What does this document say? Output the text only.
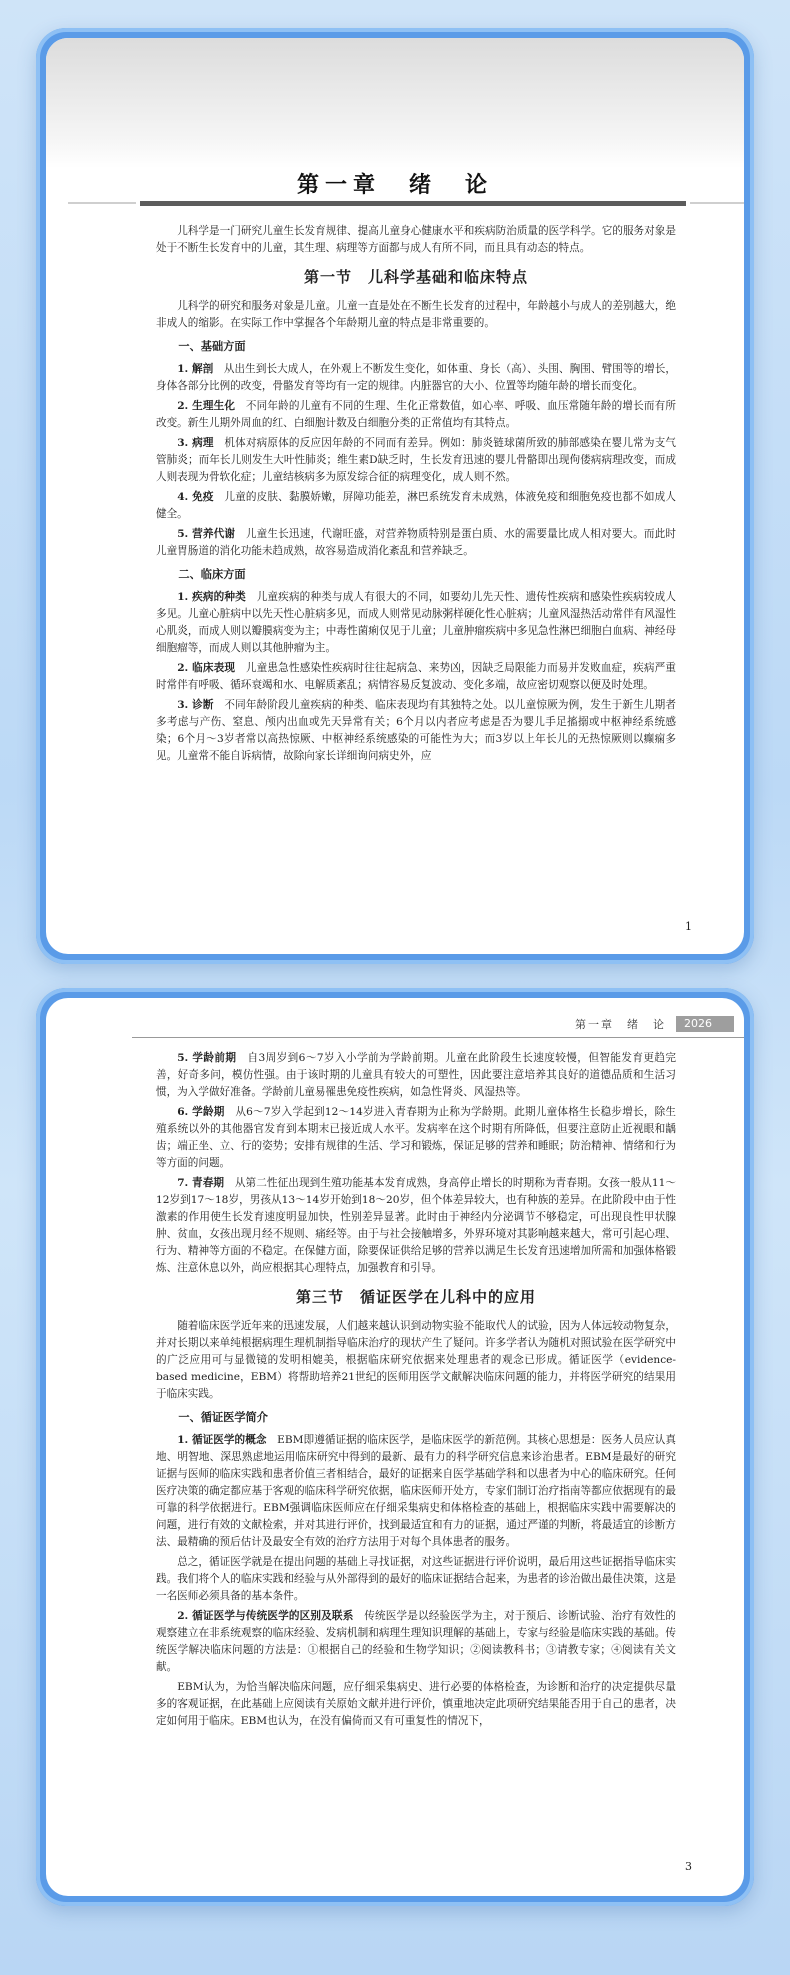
第一章　绪　论

儿科学是一门研究儿童生长发育规律、提高儿童身心健康水平和疾病防治质量的医学科学。它的服务对象是处于不断生长发育中的儿童，其生理、病理等方面都与成人有所不同，而且具有动态的特点。

第一节　儿科学基础和临床特点

儿科学的研究和服务对象是儿童。儿童一直是处在不断生长发育的过程中，年龄越小与成人的差别越大，绝非成人的缩影。在实际工作中掌握各个年龄期儿童的特点是非常重要的。

一、基础方面

1. 解剖　 从出生到长大成人，在外观上不断发生变化，如体重、身长（高）、头围、胸围、臂围等的增长，身体各部分比例的改变，骨骼发育等均有一定的规律。内脏器官的大小、位置等均随年龄的增长而变化。

2. 生理生化　 不同年龄的儿童有不同的生理、生化正常数值，如心率、呼吸、血压常随年龄的增长而有所改变。新生儿期外周血的红、白细胞计数及白细胞分类的正常值均有其特点。

3. 病理　 机体对病原体的反应因年龄的不同而有差异。例如：肺炎链球菌所致的肺部感染在婴儿常为支气管肺炎；而年长儿则发生大叶性肺炎；维生素D缺乏时，生长发育迅速的婴儿骨骼即出现佝偻病病理改变，而成人则表现为骨软化症；儿童结核病多为原发综合征的病理变化，成人则不然。

4. 免疫　 儿童的皮肤、黏膜娇嫩，屏障功能差，淋巴系统发育未成熟，体液免疫和细胞免疫也都不如成人健全。

5. 营养代谢　 儿童生长迅速，代谢旺盛，对营养物质特别是蛋白质、水的需要量比成人相对要大。而此时儿童胃肠道的消化功能未趋成熟，故容易造成消化紊乱和营养缺乏。

二、临床方面

1. 疾病的种类　 儿童疾病的种类与成人有很大的不同，如要幼儿先天性、遗传性疾病和感染性疾病较成人多见。儿童心脏病中以先天性心脏病多见，而成人则常见动脉粥样硬化性心脏病；儿童风湿热活动常伴有风湿性心肌炎，而成人则以瓣膜病变为主；中毒性菌痢仅见于儿童；儿童肿瘤疾病中多见急性淋巴细胞白血病、神经母细胞瘤等，而成人则以其他肿瘤为主。

2. 临床表现　 儿童患急性感染性疾病时往往起病急、来势凶，因缺乏局限能力而易并发败血症，疾病严重时常伴有呼吸、循环衰竭和水、电解质紊乱；病情容易反复波动、变化多端，故应密切观察以便及时处理。

3. 诊断　 不同年龄阶段儿童疾病的种类、临床表现均有其独特之处。以儿童惊厥为例，发生于新生儿期者多考虑与产伤、窒息、颅内出血或先天异常有关；6个月以内者应考虑是否为婴儿手足搐搦或中枢神经系统感染；6个月～3岁者常以高热惊厥、中枢神经系统感染的可能性为大；而3岁以上年长儿的无热惊厥则以癫痫多见。儿童常不能自诉病情，故除向家长详细询问病史外，应

1
第一章　绪　论	2026

5. 学龄前期　 自3周岁到6～7岁入小学前为学龄前期。儿童在此阶段生长速度较慢，但智能发育更趋完善，好奇多问，模仿性强。由于该时期的儿童具有较大的可塑性，因此要注意培养其良好的道德品质和生活习惯，为入学做好准备。学龄前儿童易罹患免疫性疾病，如急性肾炎、风湿热等。

6. 学龄期　 从6～7岁入学起到12～14岁进入青春期为止称为学龄期。此期儿童体格生长稳步增长，除生殖系统以外的其他器官发育到本期末已接近成人水平。发病率在这个时期有所降低，但要注意防止近视眼和龋齿；端正坐、立、行的姿势；安排有规律的生活、学习和锻炼，保证足够的营养和睡眠；防治精神、情绪和行为等方面的问题。

7. 青春期　 从第二性征出现到生殖功能基本发育成熟，身高停止增长的时期称为青春期。女孩一般从11～12岁到17～18岁，男孩从13～14岁开始到18～20岁，但个体差异较大，也有种族的差异。在此阶段中由于性激素的作用使生长发育速度明显加快，性别差异显著。此时由于神经内分泌调节不够稳定，可出现良性甲状腺肿、贫血，女孩出现月经不规则、痛经等。由于与社会接触增多，外界环境对其影响越来越大，常可引起心理、行为、精神等方面的不稳定。在保健方面，除要保证供给足够的营养以满足生长发育迅速增加所需和加强体格锻炼、注意休息以外，尚应根据其心理特点，加强教育和引导。

第三节　循证医学在儿科中的应用

随着临床医学近年来的迅速发展，人们越来越认识到动物实验不能取代人的试验，因为人体远较动物复杂，并对长期以来单纯根据病理生理机制指导临床治疗的现状产生了疑问。许多学者认为随机对照试验在医学研究中的广泛应用可与显微镜的发明相媲美，根据临床研究依据来处理患者的观念已形成。循证医学（evidence-based medicine，EBM）将帮助培养21世纪的医师用医学文献解决临床问题的能力，并将医学研究的结果用于临床实践。

一、循证医学简介

1. 循证医学的概念　 EBM即遵循证据的临床医学，是临床医学的新范例。其核心思想是：医务人员应认真地、明智地、深思熟虑地运用临床研究中得到的最新、最有力的科学研究信息来诊治患者。EBM是最好的研究证据与医师的临床实践和患者价值三者相结合，最好的证据来自医学基础学科和以患者为中心的临床研究。任何医疗决策的确定都应基于客观的临床科学研究依据，临床医师开处方，专家们制订治疗指南等都应依据现有的最可靠的科学依据进行。EBM强调临床医师应在仔细采集病史和体格检查的基础上，根据临床实践中需要解决的问题，进行有效的文献检索，并对其进行评价，找到最适宜和有力的证据，通过严谨的判断，将最适宜的诊断方法、最精确的预后估计及最安全有效的治疗方法用于对每个具体患者的服务。

总之，循证医学就是在提出问题的基础上寻找证据，对这些证据进行评价说明，最后用这些证据指导临床实践。我们将个人的临床实践和经验与从外部得到的最好的临床证据结合起来，为患者的诊治做出最佳决策，这是一名医师必须具备的基本条件。

2. 循证医学与传统医学的区别及联系　 传统医学是以经验医学为主，对于预后、诊断试验、治疗有效性的观察建立在非系统观察的临床经验、发病机制和病理生理知识理解的基础上，专家与经验是临床实践的基础。传统医学解决临床问题的方法是：①根据自己的经验和生物学知识；②阅读教科书；③请教专家；④阅读有关文献。

EBM认为，为恰当解决临床问题，应仔细采集病史、进行必要的体格检查，为诊断和治疗的决定提供尽量多的客观证据，在此基础上应阅读有关原始文献并进行评价，慎重地决定此项研究结果能否用于自己的患者，决定如何用于临床。EBM也认为，在没有偏倚而又有可重复性的情况下，

3
